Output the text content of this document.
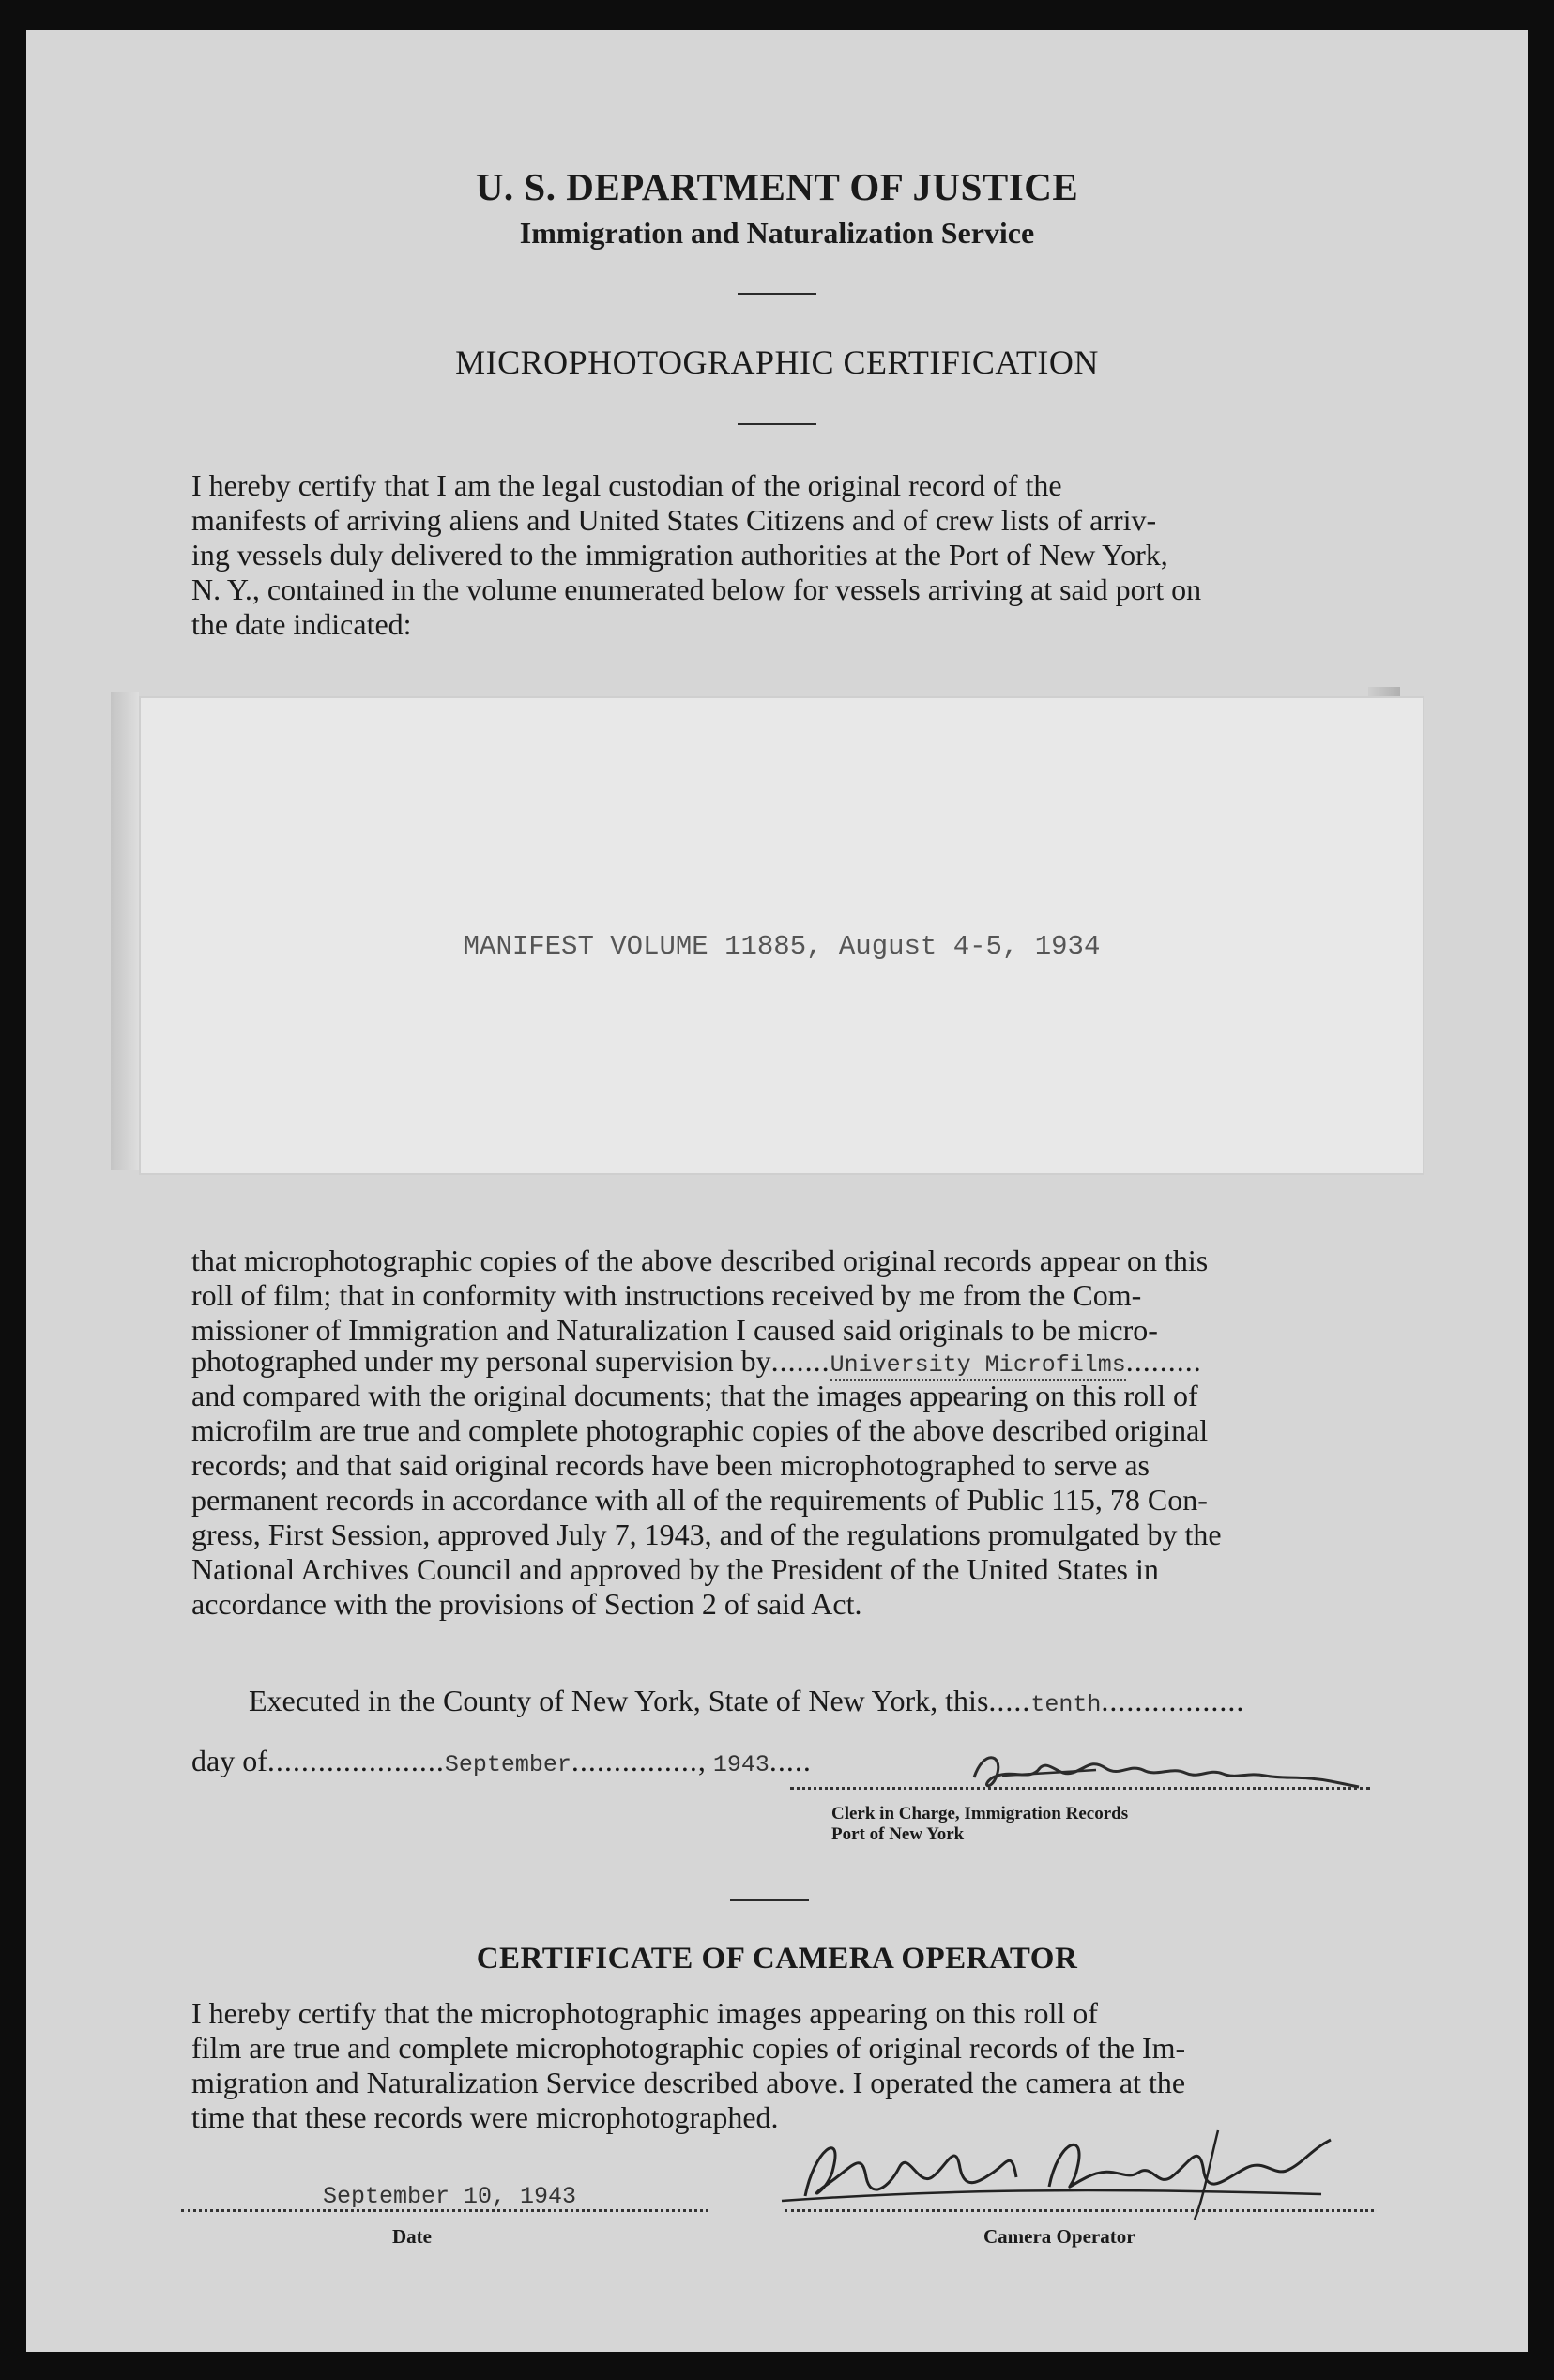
U. S. DEPARTMENT OF JUSTICE
Immigration and Naturalization Service
MICROPHOTOGRAPHIC CERTIFICATION

I hereby certify that I am the legal custodian of the original record of the

manifests of arriving aliens and United States Citizens and of crew lists of arriv-

ing vessels duly delivered to the immigration authorities at the Port of New York,

N. Y., contained in the volume enumerated below for vessels arriving at said port on

the date indicated:

MANIFEST VOLUME 11885, August 4-5, 1934

that microphotographic copies of the above described original records appear on this

roll of film; that in conformity with instructions received by me from the Com-

missioner of Immigration and Naturalization I caused said originals to be micro-

photographed under my personal supervision by.......University Microfilms.........

and compared with the original documents; that the images appearing on this roll of

microfilm are true and complete photographic copies of the above described original

records; and that said original records have been microphotographed to serve as

permanent records in accordance with all of the requirements of Public 115, 78 Con-

gress, First Session, approved July 7, 1943, and of the regulations promulgated by the

National Archives Council and approved by the President of the United States in

accordance with the provisions of Section 2 of said Act.

Executed in the County of New York, State of New York, this.....tenth.................
day of.....................September..............., 1943.....
Clerk in Charge, Immigration Records
Port of New York
CERTIFICATE OF CAMERA OPERATOR

I hereby certify that the microphotographic images appearing on this roll of

film are true and complete microphotographic copies of original records of the Im-

migration and Naturalization Service described above. I operated the camera at the

time that these records were microphotographed.

September 10, 1943
Date	Camera Operator
